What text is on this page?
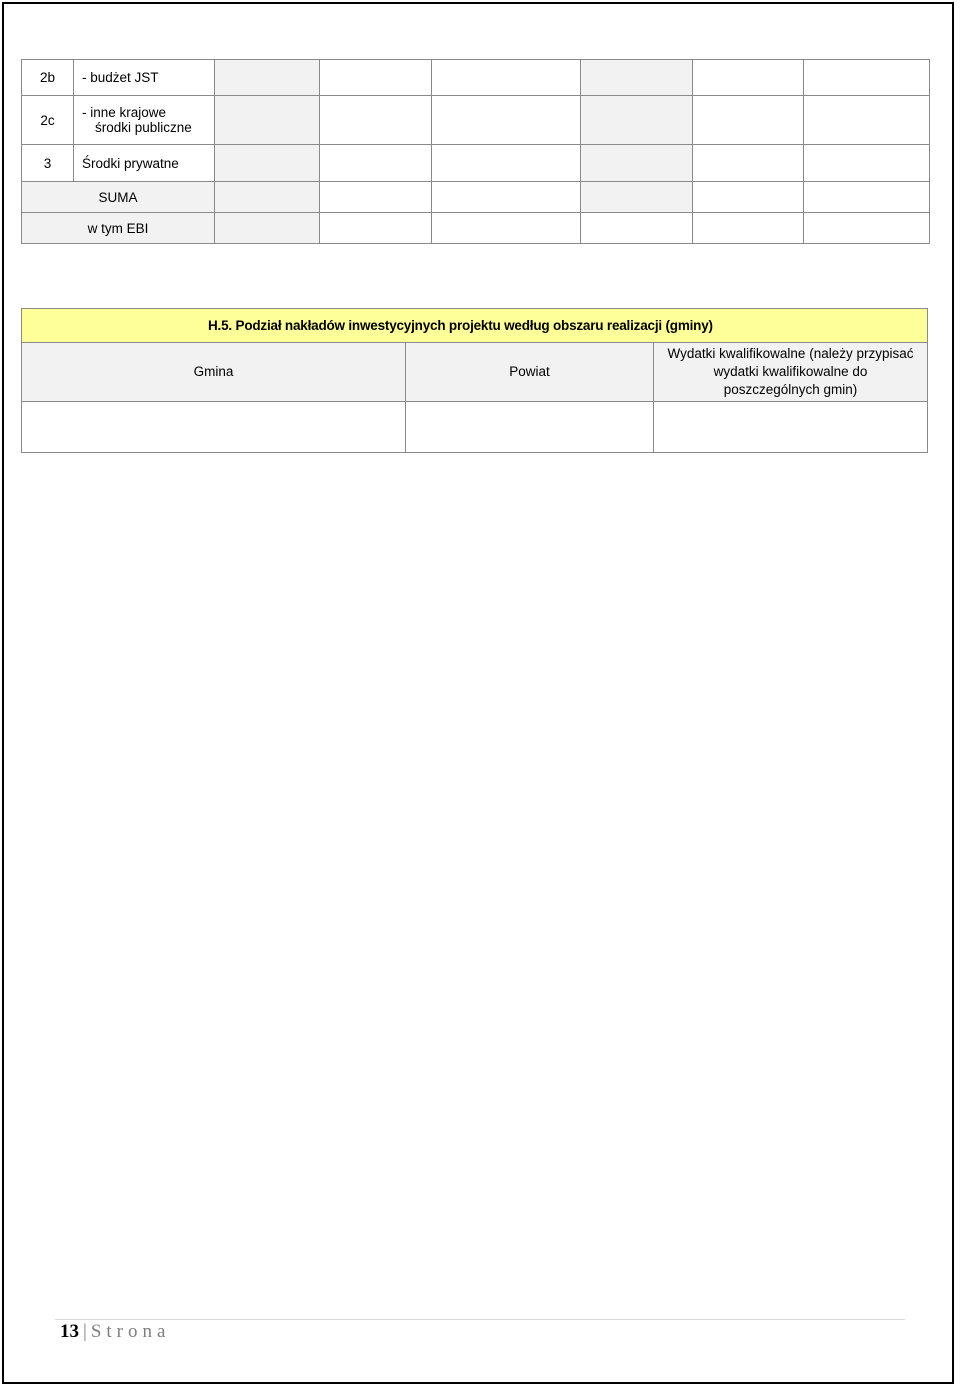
2b	- budżet JST						
2c	- inne krajowe
środki publiczne						

3	Środki prywatne						
SUMA							
w tym EBI							
H.5. Podział nakładów inwestycyjnych projektu według obszaru realizacji (gminy)		

Gmina	Powiat	Wydatki kwalifikowalne (należy przypisać wydatki kwalifikowalne do poszczególnych gmin)

13 | Strona
